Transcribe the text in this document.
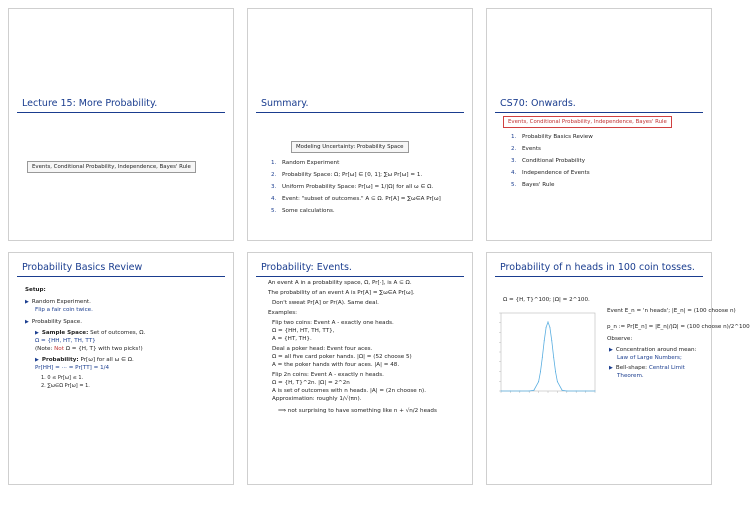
Lecture 15: More Probability.
Events, Conditional Probability, Independence, Bayes' Rule
Summary.
Modeling Uncertainty: Probability Space
1.	Random Experiment
2.	Probability Space: Ω; Pr[ω] ∈ [0, 1]; ∑ω Pr[ω] = 1.
3.	Uniform Probability Space: Pr[ω] = 1/|Ω| for all ω ∈ Ω.
4.	Event: "subset of outcomes." A ⊆ Ω. Pr[A] = ∑ω∈A Pr[ω]
5.	Some calculations.
CS70: Onwards.
Events, Conditional Probability, Independence, Bayes' Rule
1.	Probability Basics Review
2.	Events
3.	Conditional Probability
4.	Independence of Events
5.	Bayes' Rule
Probability Basics Review
Setup:
▶ Random Experiment.
Flip a fair coin twice.
▶ Probability Space.
▶ Sample Space: Set of outcomes, Ω.
Ω = {HH, HT, TH, TT}
(Note: Not Ω = {H, T} with two picks!)
▶ Probability: Pr[ω] for all ω ∈ Ω.
Pr[HH] = ··· = Pr[TT] = 1/4
1. 0 ≤ Pr[ω] ≤ 1.
2. ∑ω∈Ω Pr[ω] = 1.
Probability: Events.
An event A in a probability space, Ω, Pr[·], is A ⊆ Ω.
The probability of an event A is Pr[A] = ∑ω∈A Pr[ω].
Don't sweat Pr[A] or Pr(A). Same deal.
Examples:
Flip two coins: Event A - exactly one heads.
Ω = {HH, HT, TH, TT},
A = {HT, TH}.
Deal a poker head: Event four aces.
Ω = all five card poker hands. |Ω| = (52 choose 5)
A = the poker hands with four aces. |A| = 48.
Flip 2n coins: Event A - exactly n heads.
Ω = {H, T}^2n. |Ω| = 2^2n
A is set of outcomes with n heads. |A| = (2n choose n).
Approximation: roughly 1/√(πn).
⟹ not surprising to have something like n + √n/2 heads
Probability of n heads in 100 coin tosses.
Ω = {H, T}^100; |Ω| = 2^100.
Event E_n = 'n heads'; |E_n| = (100 choose n)
p_n := Pr[E_n] = |E_n|/|Ω| = (100 choose n)/2^100
Observe:
▶ Concentration around mean:
Law of Large Numbers;
▶ Bell-shape: Central Limit
Theorem.
